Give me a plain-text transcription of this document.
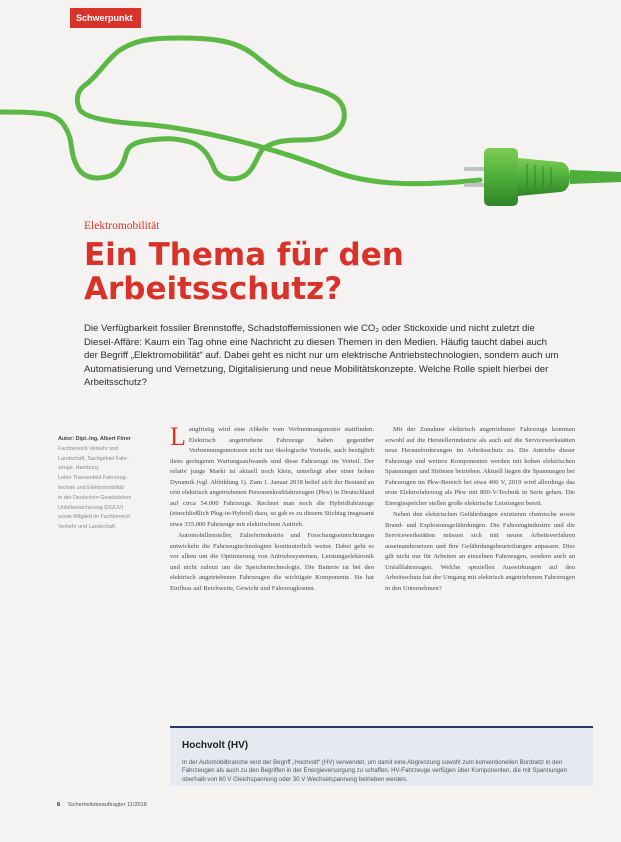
Schwerpunkt
Elektromobilität
Ein Thema für den
Arbeitsschutz?
Die Verfügbarkeit fossiler Brennstoffe, Schadstoffemissionen wie CO₂ oder Stickoxide und nicht zuletzt die Diesel-Affäre: Kaum ein Tag ohne eine Nachricht zu diesen Themen in den Medien. Häufig taucht dabei auch der Begriff „Elektromobilität“ auf. Dabei geht es nicht nur um elektrische Antriebstechnologien, sondern auch um Automatisierung und Vernetzung, Digitalisierung und neue Mobilitätskonzepte. Welche Rolle spielt hierbei der Arbeitsschutz?
Autor: Dipl.-Ing. Albert Förer
Fachbereich Verkehr und
Landschaft, Sachgebiet Fahr-
zeuge, Hamburg;
Leiter Themenfeld Fahrzeug-
technik und Elektromobilität
in der Deutschen Gesetzlichen
Unfallversicherung (DGUV)
sowie Mitglied im Fachbereich
Verkehr und Landschaft

L angfristig wird eine Abkehr vom Verbrennungsmotor stattfinden. Elektrisch angetriebene Fahrzeuge haben gegenüber Verbrennungsmotoren nicht nur ökologische Vorteile, auch bezüglich ihres geringeren Wartungsaufwands sind diese Fahrzeuge im Vorteil. Der relativ junge Markt ist aktuell noch klein, unterliegt aber einer hohen Dynamik (vgl. Abbildung 1). Zum 1. Januar 2018 belief sich der Bestand an rein elektrisch angetriebenen Personenkraftfahrzeugen (Pkw) in Deutschland auf circa 54.000 Fahrzeuge. Rechnet man noch die Hybridfahrzeuge (einschließlich Plug-in-Hybrid) dazu, so gab es zu diesem Stichtag insgesamt etwa 335.000 Fahrzeuge mit elektrischem Antrieb.

Automobilhersteller, Zulieferindustrie und Forschungseinrichtungen entwickeln die Fahrzeugtechnologien kontinuierlich weiter. Dabei geht es vor allem um die Optimierung von Antriebssystemen, Leistungselektronik und nicht zuletzt um die Speichertechnologie. Die Batterie ist bei den elektrisch angetriebenen Fahrzeugen die wichtigste Komponente. Sie hat Einfluss auf Reichweite, Gewicht und Fahrzeugkosten.

Mit der Zunahme elektrisch angetriebener Fahrzeuge kommen sowohl auf die Herstellerindustrie als auch auf die Servicewerkstätten neue Herausforderungen im Arbeitsschutz zu. Die Antriebe dieser Fahrzeuge und weitere Komponenten werden mit hohen elektrischen Spannungen und Strömen betrieben. Aktuell liegen die Spannungen bei Fahrzeugen im Pkw-Bereich bei etwa 400 V, 2019 wird allerdings das erste Elektrofahrzeug als Pkw mit 800-V-Technik in Serie gehen. Die Energiespeicher stellen große elektrische Leistungen bereit.

Neben den elektrischen Gefährdungen existieren chemische sowie Brand- und Explosionsgefährdungen. Die Fahrzeugindustrie und die Servicewerkstätten müssen sich mit neuen Arbeitsverfahren auseinandersetzen und ihre Gefährdungsbeurteilungen anpassen. Dies gilt nicht nur für Arbeiten an einzelnen Fahrzeugen, sondern auch an Unfallfahrzeugen. Welche speziellen Auswirkungen auf den Arbeitsschutz hat der Umgang mit elektrisch angetriebenen Fahrzeugen in den Unternehmen?

Hochvolt (HV)
In der Automobilbranche wird der Begriff „Hochvolt“ (HV) verwendet, um damit eine Abgrenzung sowohl zum konventionellen Bordnetz in den Fahrzeugen als auch zu den Begriffen in der Energieversorgung zu schaffen. HV-Fahrzeuge verfügen über Komponenten, die mit Spannungen oberhalb von 60 V Gleichspannung oder 30 V Wechselspannung betrieben werden.
6 Sicherheitsbeauftragter 11/2018
